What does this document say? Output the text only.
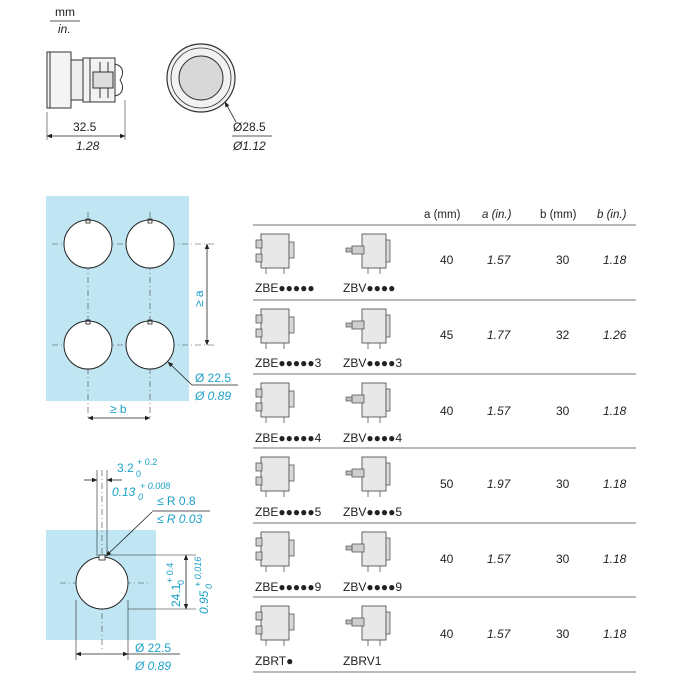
mm
in.
32.5
1.28
Ø28.5
Ø1.12
≥ a
≥ b
Ø 22.5
Ø 0.89
3.2 + 0.2
0
0.13 + 0.008
0 ≤ R 0.8
≤ R 0.03
24.1
+ 0.4 0
0.95
+ 0.016 0
Ø 22.5
Ø 0.89
a (mm) a (in.) b (mm) b (in.)
ZBE●●●●● ZBV●●●●
40	1.57	30	1.18
ZBE●●●●●3 ZBV●●●●3
45	1.77	32	1.26
ZBE●●●●●4 ZBV●●●●4
40	1.57	30	1.18
ZBE●●●●●5 ZBV●●●●5
50	1.97	30	1.18
ZBE●●●●●9 ZBV●●●●9
40	1.57	30	1.18
ZBRT●	ZBRV1
40	1.57	30	1.18
